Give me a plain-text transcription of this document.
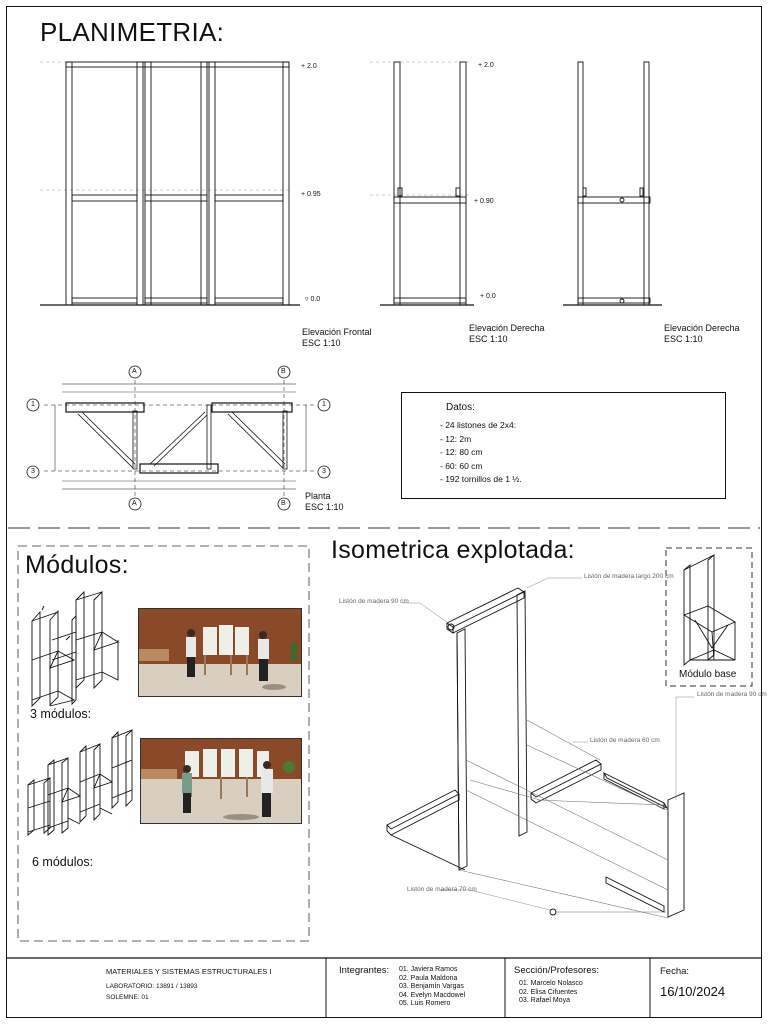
PLANIMETRIA:
+ 2.0
+ 0.95
▿ 0.0
+ 2.0
+ 0.90
+ 0.0
Elevación Frontal
ESC 1:10
Elevación Derecha
ESC 1:10
Elevación Derecha
ESC 1:10
Planta
ESC 1:10
A	B
A	B
1
3
1
3
Datos:
- 24 listones de 2x4:
- 12: 2m
- 12: 80 cm
- 60: 60 cm
- 192 tornillos de 1 ½.
Módulos:
3 módulos:
6 módulos:
Isometrica explotada:
Módulo base
Listón de madera largo 200 cm
Listón de madera 90 cm
Listón de madera 90 cm
Listón de madera 60 cm
Listón de madera 70 cm
MATERIALES Y SISTEMAS ESTRUCTURALES I
LABORATORIO: 13891 / 13893
SOLEMNE: 01
Integrantes: 01. Javiera Ramos
02. Paula Maldona
03. Benjamín Vargas
04. Evelyn Macdowel
05. Luis Romero
Sección/Profesores:
01. Marcelo Nolasco
02. Elisa Cifuentes
03. Rafael Moya
Fecha:
16/10/2024
